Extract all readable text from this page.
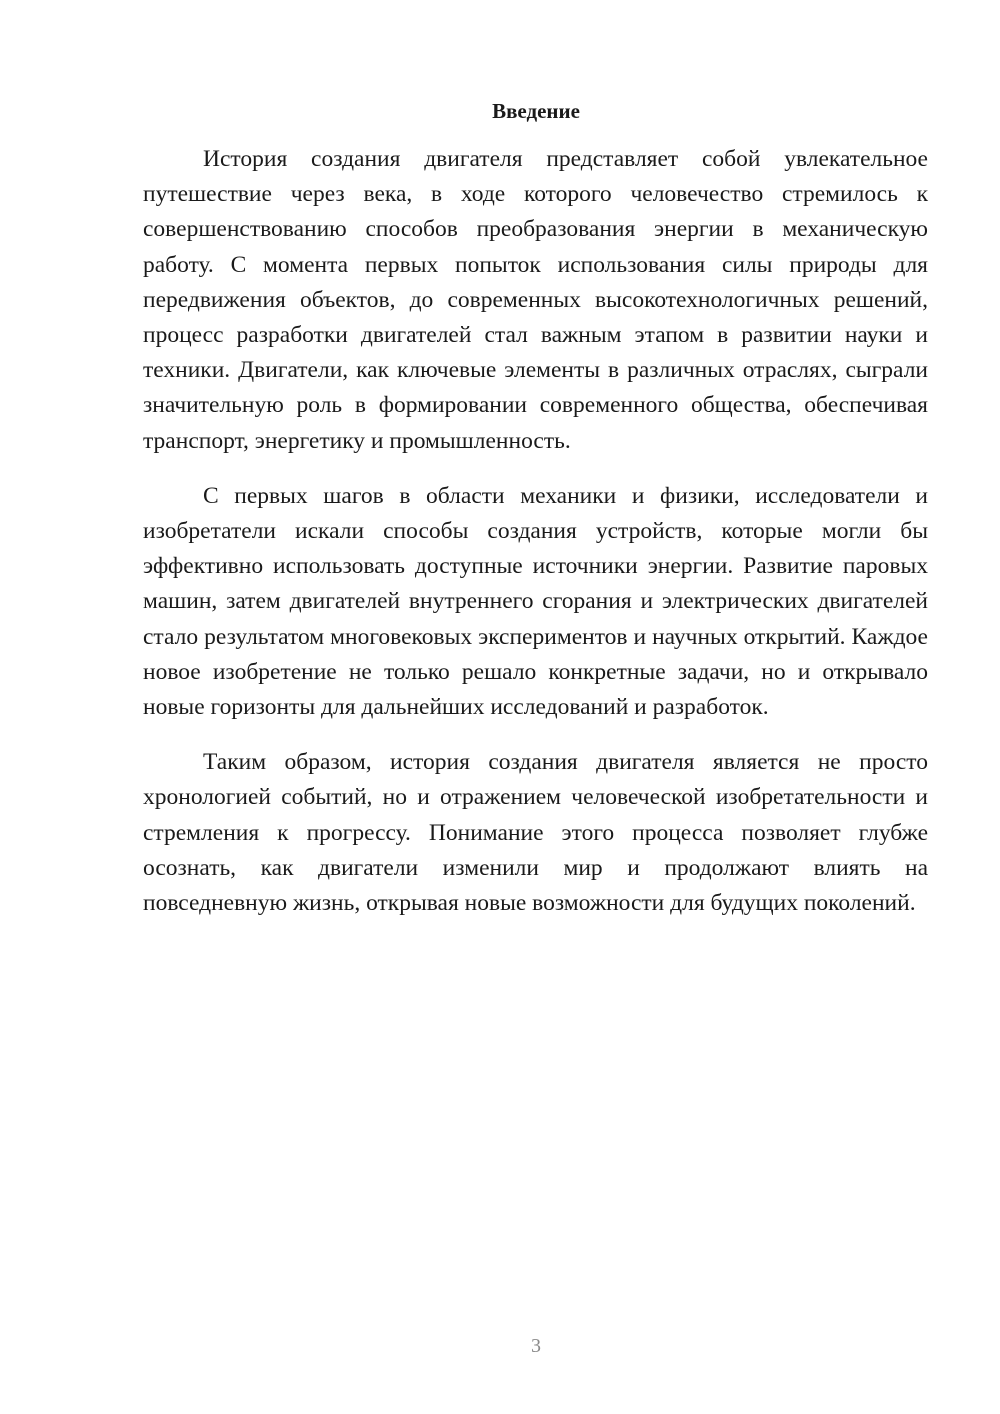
Введение

История создания двигателя представляет собой увлекательное путешествие через века, в ходе которого человечество стремилось к совершенствованию способов преобразования энергии в механическую работу. С момента первых попыток использования силы природы для передвижения объектов, до современных высокотехнологичных решений, процесс разработки двигателей стал важным этапом в развитии науки и техники. Двигатели, как ключевые элементы в различных отраслях, сыграли значительную роль в формировании современного общества, обеспечивая транспорт, энергетику и промышленность.

С первых шагов в области механики и физики, исследователи и изобретатели искали способы создания устройств, которые могли бы эффективно использовать доступные источники энергии. Развитие паровых машин, затем двигателей внутреннего сгорания и электрических двигателей стало результатом многовековых экспериментов и научных открытий. Каждое новое изобретение не только решало конкретные задачи, но и открывало новые горизонты для дальнейших исследований и разработок.

Таким образом, история создания двигателя является не просто хронологией событий, но и отражением человеческой изобретательности и стремления к прогрессу. Понимание этого процесса позволяет глубже осознать, как двигатели изменили мир и продолжают влиять на повседневную жизнь, открывая новые возможности для будущих поколений.

3
